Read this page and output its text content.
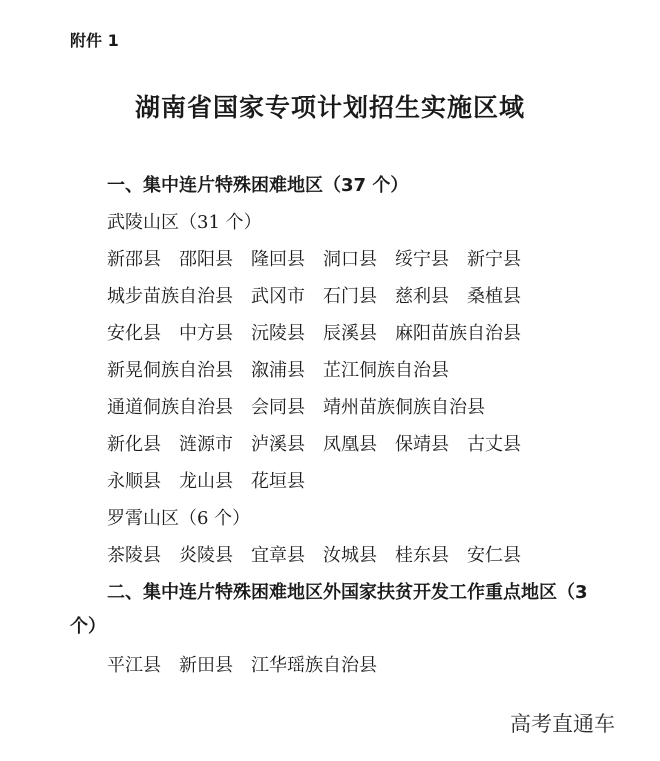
附件 1
湖南省国家专项计划招生实施区域
一、集中连片特殊困难地区（37 个）
武陵山区（31 个）
新邵县 邵阳县 隆回县 洞口县 绥宁县 新宁县
城步苗族自治县 武冈市 石门县 慈利县 桑植县
安化县 中方县 沅陵县 辰溪县 麻阳苗族自治县
新晃侗族自治县 溆浦县 芷江侗族自治县
通道侗族自治县 会同县 靖州苗族侗族自治县
新化县 涟源市 泸溪县 凤凰县 保靖县 古丈县
永顺县 龙山县 花垣县
罗霄山区（6 个）
茶陵县 炎陵县 宜章县 汝城县 桂东县 安仁县
二、集中连片特殊困难地区外国家扶贫开发工作重点地区（3
个）
平江县 新田县 江华瑶族自治县
高考直通车
